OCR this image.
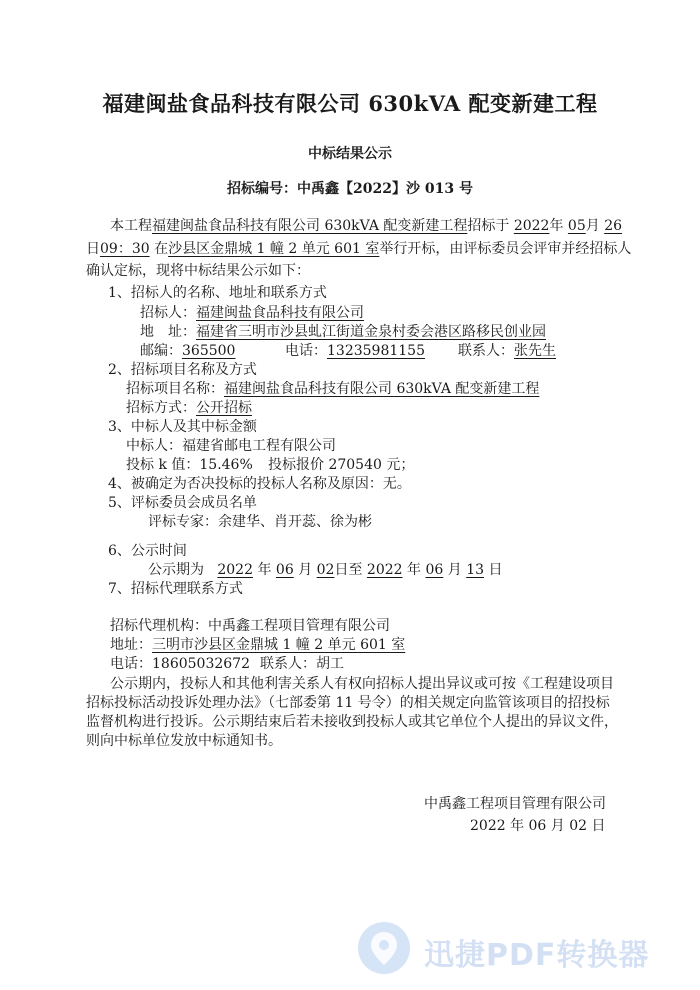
福建闽盐食品科技有限公司 630kVA 配变新建工程
中标结果公示
招标编号：中禹鑫【2022】沙 013 号
本工程福建闽盐食品科技有限公司 630kVA 配变新建工程招标于 2022年 05月 26
日09：30 在沙县区金鼎城 1 幢 2 单元 601 室举行开标，由评标委员会评审并经招标人
确认定标，现将中标结果公示如下：
1、招标人的名称、地址和联系方式
招标人：福建闽盐食品科技有限公司
地　址：福建省三明市沙县虬江街道金泉村委会港区路移民创业园
邮编：365500	电话：13235981155 联系人：张先生
2、招标项目名称及方式
招标项目名称：福建闽盐食品科技有限公司 630kVA 配变新建工程
招标方式：公开招标
3、中标人及其中标金额
中标人：福建省邮电工程有限公司
投标 k 值：15.46% 投标报价 270540 元；
4、被确定为否决投标的投标人名称及原因：无。
5、评标委员会成员名单
评标专家：余建华、肖开蕊、徐为彬
6、公示时间
公示期为 2022 年 06 月 02日至 2022 年 06 月 13 日
7、招标代理联系方式
招标代理机构：中禹鑫工程项目管理有限公司
地址：三明市沙县区金鼎城 1 幢 2 单元 601 室
电话：18605032672 联系人：胡工
公示期内，投标人和其他利害关系人有权向招标人提出异议或可按《工程建设项目
招标投标活动投诉处理办法》（七部委第 11 号令）的相关规定向监管该项目的招投标
监督机构进行投诉。公示期结束后若未接收到投标人或其它单位个人提出的异议文件，
则向中标单位发放中标通知书。
中禹鑫工程项目管理有限公司
2022 年 06 月 02 日
迅捷PDF转换器
